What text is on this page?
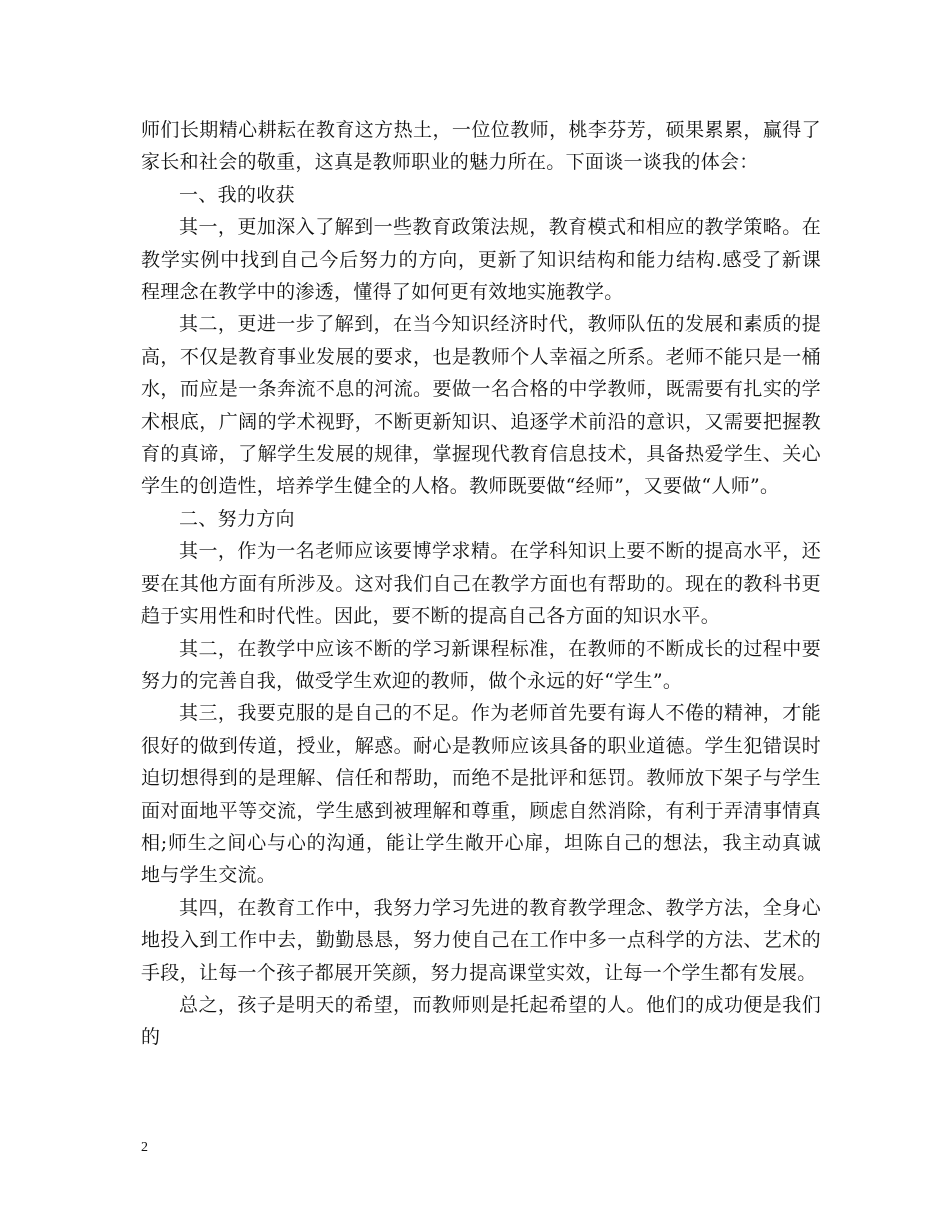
师们长期精心耕耘在教育这方热土，一位位教师，桃李芬芳，硕果累累，赢得了家长和社会的敬重，这真是教师职业的魅力所在。下面谈一谈我的体会：

一、我的收获

其一，更加深入了解到一些教育政策法规，教育模式和相应的教学策略。在教学实例中找到自己今后努力的方向，更新了知识结构和能力结构.感受了新课程理念在教学中的渗透，懂得了如何更有效地实施教学。

其二，更进一步了解到，在当今知识经济时代，教师队伍的发展和素质的提高，不仅是教育事业发展的要求，也是教师个人幸福之所系。老师不能只是一桶水，而应是一条奔流不息的河流。要做一名合格的中学教师，既需要有扎实的学术根底，广阔的学术视野，不断更新知识、追逐学术前沿的意识，又需要把握教育的真谛，了解学生发展的规律，掌握现代教育信息技术，具备热爱学生、关心学生的创造性，培养学生健全的人格。教师既要做“经师”，又要做“人师”。

二、努力方向

其一，作为一名老师应该要博学求精。在学科知识上要不断的提高水平，还要在其他方面有所涉及。这对我们自己在教学方面也有帮助的。现在的教科书更趋于实用性和时代性。因此，要不断的提高自己各方面的知识水平。

其二，在教学中应该不断的学习新课程标准，在教师的不断成长的过程中要努力的完善自我，做受学生欢迎的教师，做个永远的好“学生”。

其三，我要克服的是自己的不足。作为老师首先要有诲人不倦的精神，才能很好的做到传道，授业，解惑。耐心是教师应该具备的职业道德。学生犯错误时迫切想得到的是理解、信任和帮助，而绝不是批评和惩罚。教师放下架子与学生面对面地平等交流，学生感到被理解和尊重，顾虑自然消除，有利于弄清事情真相;师生之间心与心的沟通，能让学生敞开心扉，坦陈自己的想法，我主动真诚地与学生交流。

其四，在教育工作中，我努力学习先进的教育教学理念、教学方法，全身心地投入到工作中去，勤勤恳恳，努力使自己在工作中多一点科学的方法、艺术的手段，让每一个孩子都展开笑颜，努力提高课堂实效，让每一个学生都有发展。

总之，孩子是明天的希望，而教师则是托起希望的人。他们的成功便是我们的

2
